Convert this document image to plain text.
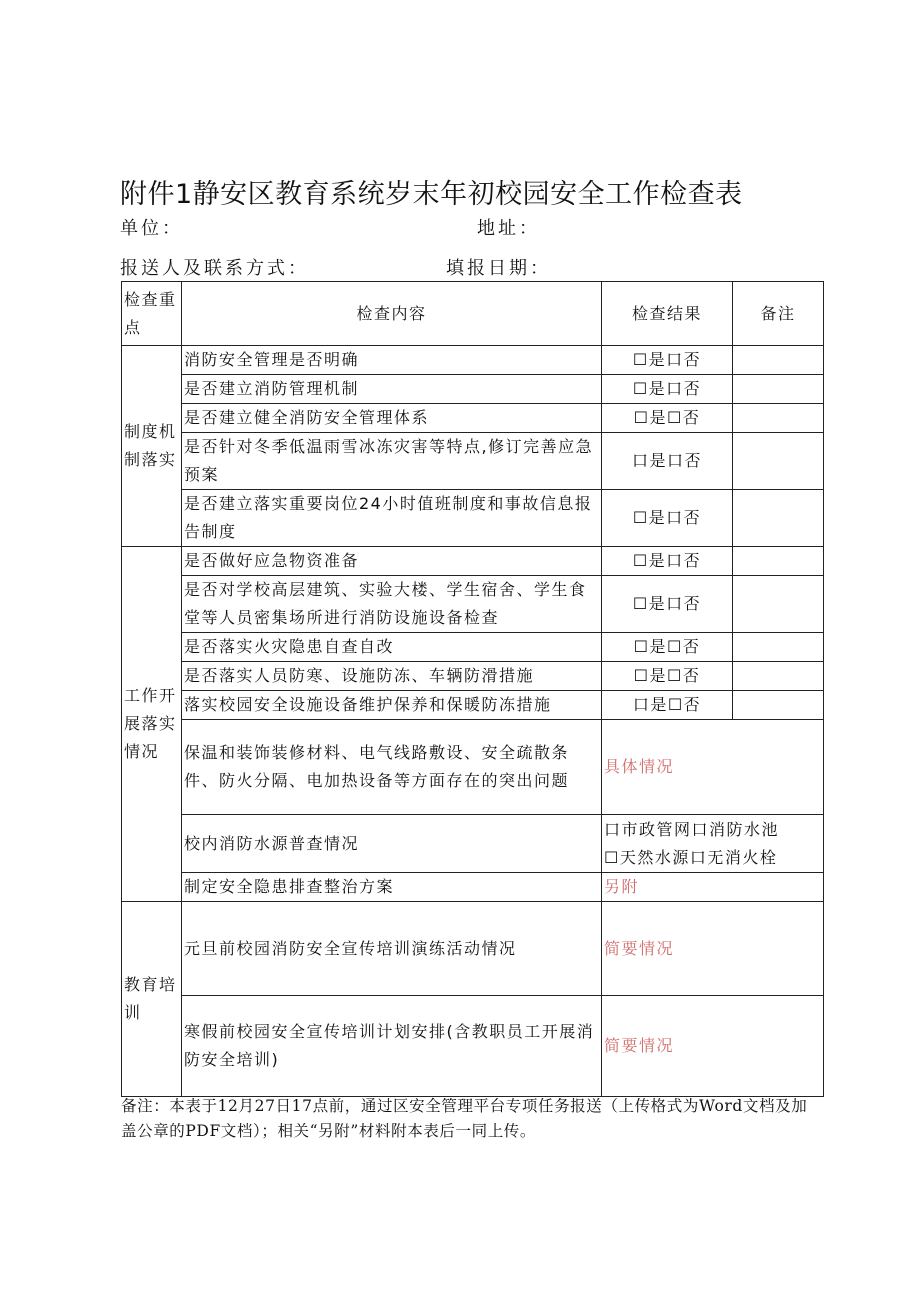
附件1静安区教育系统岁末年初校园安全工作检查表
单位：	地址：
报送人及联系方式：	填报日期：
检查重点	检查内容	检查结果	备注
制度机制落实	消防安全管理是否明确	☐是口否	
	是否建立消防管理机制	☐是口否	
	是否建立健全消防安全管理体系	☐是☐否	
	是否针对冬季低温雨雪冰冻灾害等特点,修订完善应急预案	口是口否	
	是否建立落实重要岗位24小时值班制度和事故信息报告制度	☐是口否	
工作开展落实情况	是否做好应急物资准备	☐是口否	
	是否对学校高层建筑、实验大楼、学生宿舍、学生食堂等人员密集场所进行消防设施设备检查	☐是口否	
	是否落实火灾隐患自查自改	☐是☐否	
	是否落实人员防寒、设施防冻、车辆防滑措施	☐是☐否	
	落实校园安全设施设备维护保养和保暖防冻措施	口是☐否	
	保温和装饰装修材料、电气线路敷设、安全疏散条件、防火分隔、电加热设备等方面存在的突出问题	具体情况	
	校内消防水源普查情况	口市政管网口消防水池
☐天然水源口无消火栓	

	制定安全隐患排查整治方案	另附	
教育培训	元旦前校园消防安全宣传培训演练活动情况	简要情况	
	寒假前校园安全宣传培训计划安排(含教职员工开展消防安全培训)	简要情况	
备注：本表于12月27日17点前，通过区安全管理平台专项任务报送（上传格式为Word文档及加盖公章的PDF文档）；相关“另附”材料附本表后一同上传。
